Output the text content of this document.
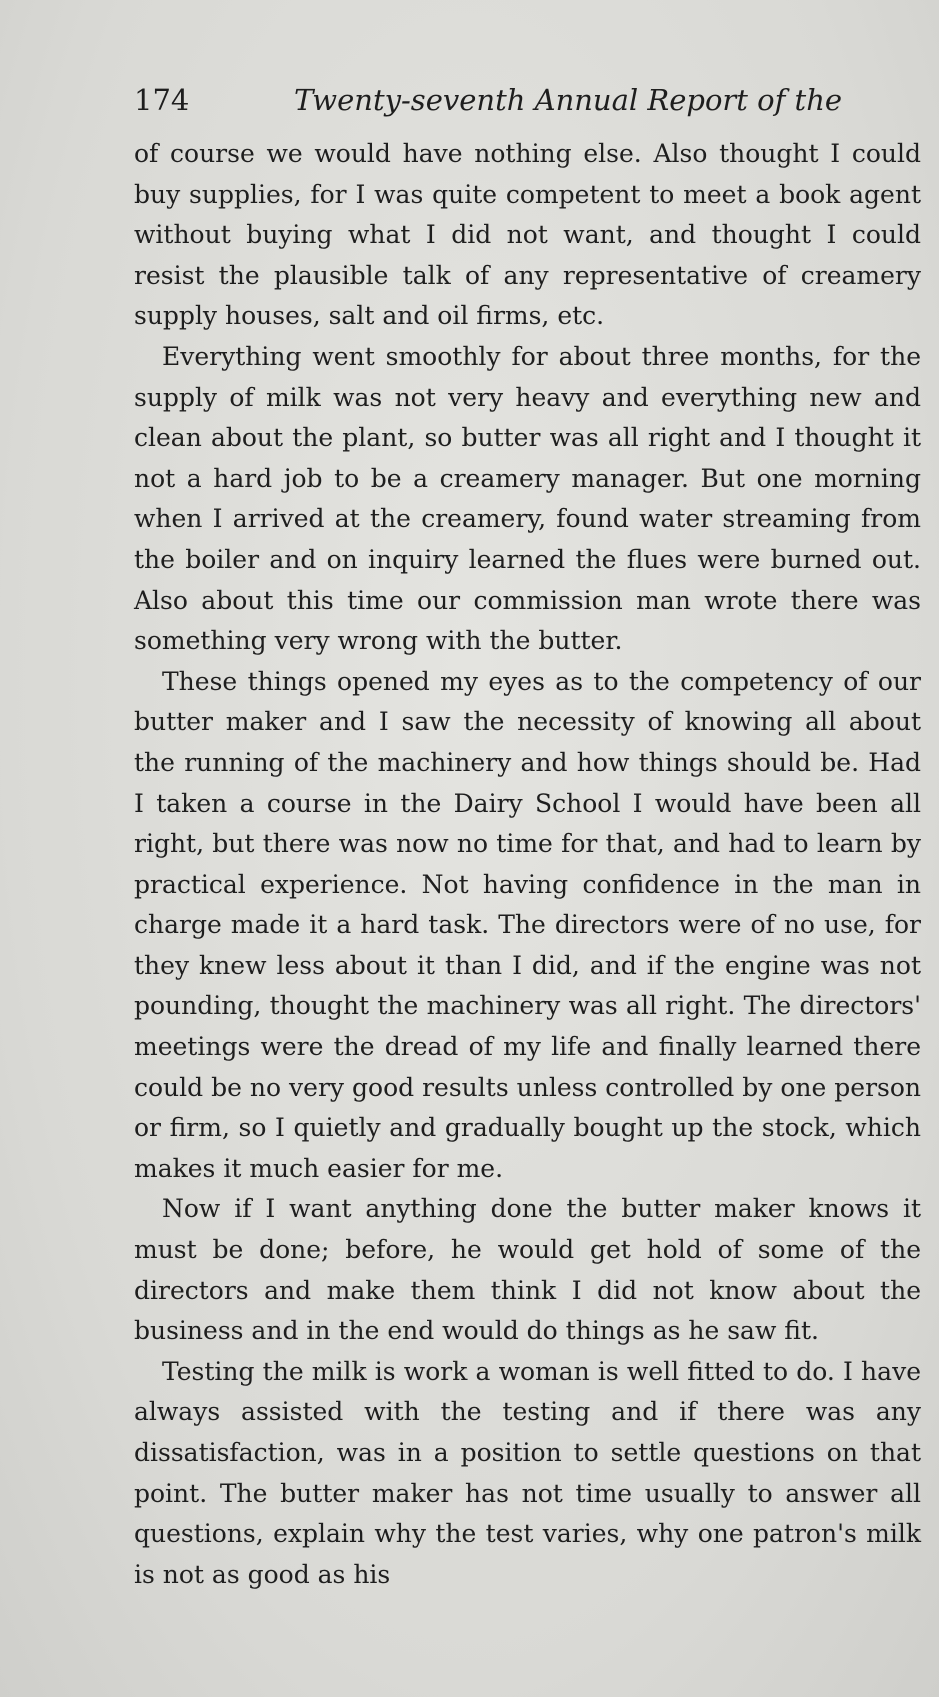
174	Twenty-seventh Annual Report of the

of course we would have nothing else. Also thought I could buy supplies, for I was quite competent to meet a book agent without buying what I did not want, and thought I could resist the plausible talk of any representative of creamery supply houses, salt and oil firms, etc.

Everything went smoothly for about three months, for the supply of milk was not very heavy and everything new and clean about the plant, so butter was all right and I thought it not a hard job to be a creamery manager. But one morning when I arrived at the creamery, found water streaming from the boiler and on inquiry learned the flues were burned out. Also about this time our commission man wrote there was something very wrong with the butter.

These things opened my eyes as to the competency of our butter maker and I saw the necessity of knowing all about the running of the machinery and how things should be. Had I taken a course in the Dairy School I would have been all right, but there was now no time for that, and had to learn by practical experience. Not having confidence in the man in charge made it a hard task. The directors were of no use, for they knew less about it than I did, and if the engine was not pounding, thought the machinery was all right. The directors' meetings were the dread of my life and finally learned there could be no very good results unless controlled by one person or firm, so I quietly and gradually bought up the stock, which makes it much easier for me.

Now if I want anything done the butter maker knows it must be done; before, he would get hold of some of the directors and make them think I did not know about the business and in the end would do things as he saw fit.

Testing the milk is work a woman is well fitted to do. I have always assisted with the testing and if there was any dissatisfaction, was in a position to settle questions on that point. The butter maker has not time usually to answer all questions, explain why the test varies, why one patron's milk is not as good as his
